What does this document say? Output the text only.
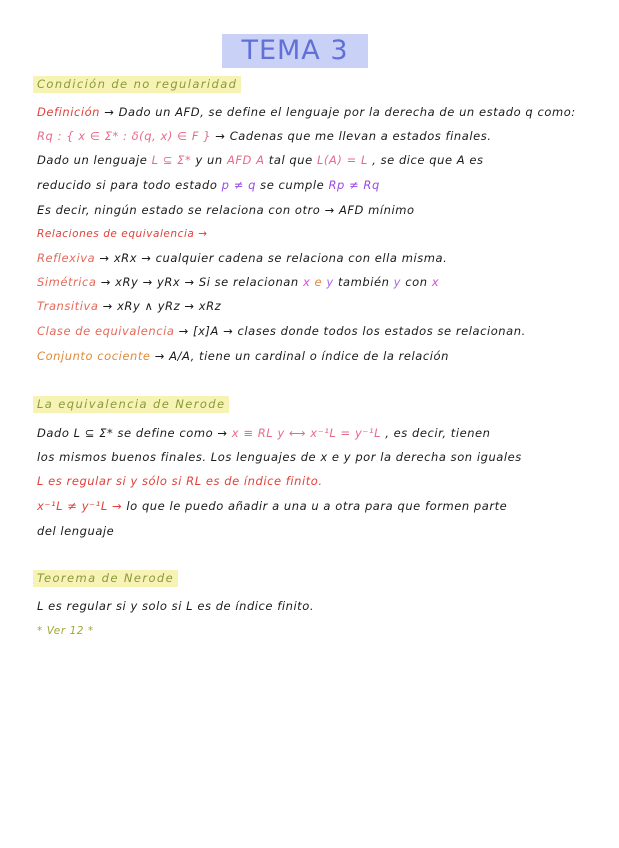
TEMA 3
Condición de no regularidad
Definición → Dado un AFD, se define el lenguaje por la derecha de un estado q como:
Rq : { x ∈ Σ* : δ(q, x) ∈ F } → Cadenas que me llevan a estados finales.
Dado un lenguaje L ⊆ Σ* y un AFD A tal que L(A) = L , se dice que A es
reducido si para todo estado p ≠ q se cumple Rp ≠ Rq
Es decir, ningún estado se relaciona con otro → AFD mínimo
Relaciones de equivalencia →
Reflexiva → xRx → cualquier cadena se relaciona con ella misma.
Simétrica → xRy → yRx → Si se relacionan x e y también y con x
Transitiva → xRy ∧ yRz → xRz
Clase de equivalencia → [x]A → clases donde todos los estados se relacionan.
Conjunto cociente → A/A, tiene un cardinal o índice de la relación
La equivalencia de Nerode
Dado L ⊆ Σ* se define como → x ≡ RL y ⟷ x⁻¹L = y⁻¹L , es decir, tienen
los mismos buenos finales. Los lenguajes de x e y por la derecha son iguales
L es regular si y sólo si RL es de índice finito.
x⁻¹L ≠ y⁻¹L → lo que le puedo añadir a una u a otra para que formen parte
del lenguaje
Teorema de Nerode
L es regular si y solo si L es de índice finito.
* Ver 12 *
